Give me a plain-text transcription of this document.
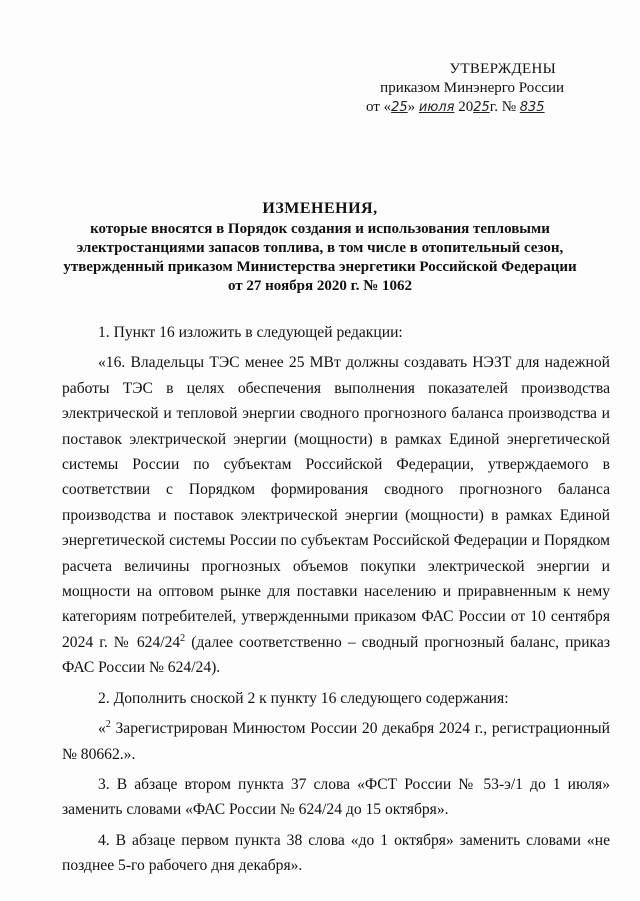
УТВЕРЖДЕНЫ
приказом Минэнерго России
от «25» июля 2025г. № 835
ИЗМЕНЕНИЯ,
которые вносятся в Порядок создания и использования тепловыми
электростанциями запасов топлива, в том числе в отопительный сезон,
утвержденный приказом Министерства энергетики Российской Федерации
от 27 ноября 2020 г. № 1062

1. Пункт 16 изложить в следующей редакции:

«16. Владельцы ТЭС менее 25 МВт должны создавать НЭЗТ для надежной работы ТЭС в целях обеспечения выполнения показателей производства электрической и тепловой энергии сводного прогнозного баланса производства и поставок электрической энергии (мощности) в рамках Единой энергетической системы России по субъектам Российской Федерации, утверждаемого в соответствии с Порядком формирования сводного прогнозного баланса производства и поставок электрической энергии (мощности) в рамках Единой энергетической системы России по субъектам Российской Федерации и Порядком расчета величины прогнозных объемов покупки электрической энергии и мощности на оптовом рынке для поставки населению и приравненным к нему категориям потребителей, утвержденными приказом ФАС России от 10 сентября 2024 г. № $624/24^2$ (далее соответственно – сводный прогнозный баланс, приказ ФАС России № 624/24).

2. Дополнить сноской 2 к пункту 16 следующего содержания:

«$^2$ Зарегистрирован Минюстом России 20 декабря 2024 г., регистрационный № 80662.».

3. В абзаце втором пункта 37 слова «ФСТ России № 53-э/1 до 1 июля» заменить словами «ФАС России № 624/24 до 15 октября».

4. В абзаце первом пункта 38 слова «до 1 октября» заменить словами «не позднее 5-го рабочего дня декабря».
